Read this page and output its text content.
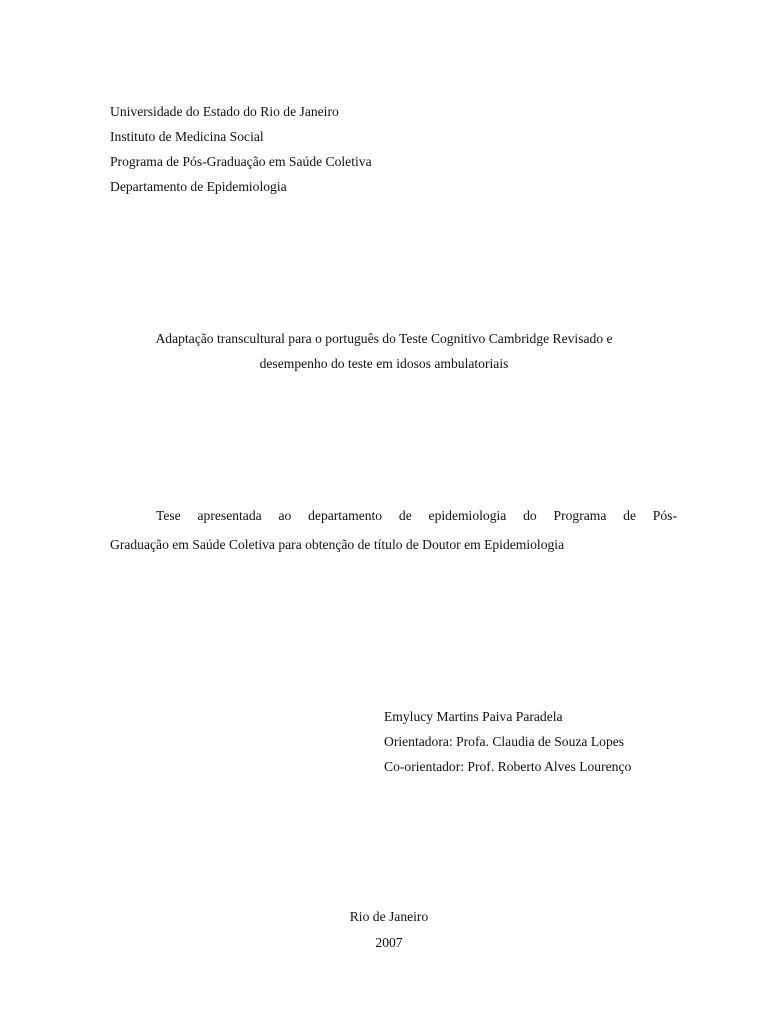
Universidade do Estado do Rio de Janeiro
Instituto de Medicina Social
Programa de Pós-Graduação em Saúde Coletiva
Departamento de Epidemiologia
Adaptação transcultural para o português do Teste Cognitivo Cambridge Revisado e
desempenho do teste em idosos ambulatoriais
Tese apresentada ao departamento de epidemiologia do Programa de Pós-
Graduação em Saúde Coletiva para obtenção de título de Doutor em Epidemiologia
Emylucy Martins Paiva Paradela
Orientadora: Profa. Claudia de Souza Lopes
Co-orientador: Prof. Roberto Alves Lourenço
Rio de Janeiro
2007
